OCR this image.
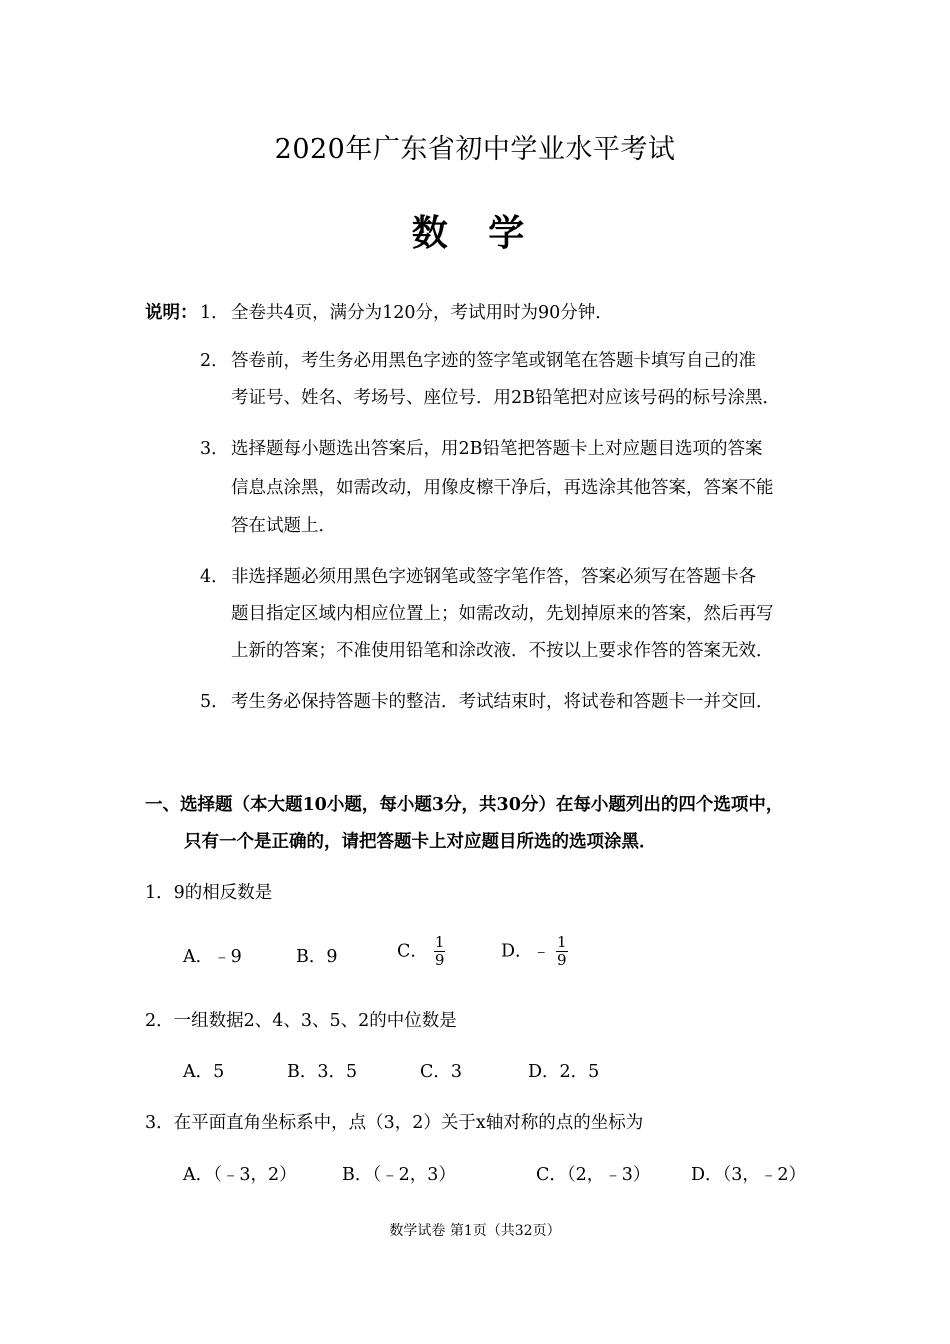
2020年广东省初中学业水平考试
数 学
说明： 1． 全卷共4页，满分为120分，考试用时为90分钟．
2． 答卷前，考生务必用黑色字迹的签字笔或钢笔在答题卡填写自己的准
考证号、姓名、考场号、座位号．用2B铅笔把对应该号码的标号涂黑．
3． 选择题每小题选出答案后，用2B铅笔把答题卡上对应题目选项的答案
信息点涂黑，如需改动，用像皮檫干净后，再选涂其他答案，答案不能
答在试题上．
4． 非选择题必须用黑色字迹钢笔或签字笔作答，答案必须写在答题卡各
题目指定区域内相应位置上；如需改动，先划掉原来的答案，然后再写
上新的答案；不准使用铅笔和涂改液．不按以上要求作答的答案无效．
5． 考生务必保持答题卡的整洁．考试结束时，将试卷和答题卡一并交回．
一、选择题（本大题10小题，每小题3分，共30分）在每小题列出的四个选项中，
只有一个是正确的，请把答题卡上对应题目所选的选项涂黑．
1．9的相反数是
A．﹣9	B．9	C． $\frac{1}{9}$	D．﹣ $\frac{1}{9}$
2．一组数据2、4、3、5、2的中位数是
A．5	B．3．5	C．3	D．2．5
3．在平面直角坐标系中，点（3，2）关于x轴对称的点的坐标为
A．（﹣3，2）	B．（﹣2，3）	C．（2，﹣3） D．（3，﹣2）
数学试卷 第1页（共32页）
